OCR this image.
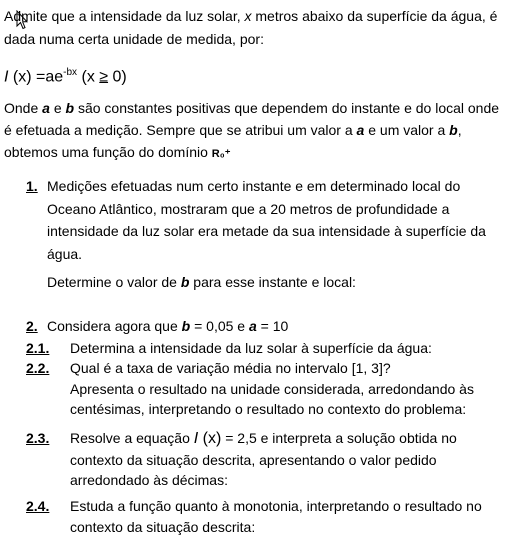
Admite que a intensidade da luz solar, x metros abaixo da superfície da água, é
dada numa certa unidade de medida, por:
I $(x) =ae^{-bx}$ (x ≥ 0)
Onde a e b são constantes positivas que dependem do instante e do local onde
é efetuada a medição. Sempre que se atribui um valor a a e um valor a b,
obtemos uma função do domínio R₀⁺
1. Medições efetuadas num certo instante e em determinado local do
Oceano Atlântico, mostraram que a 20 metros de profundidade a
intensidade da luz solar era metade da sua intensidade à superfície da
água.
Determine o valor de b para esse instante e local:
2. Considera agora que b = 0,05 e a = 10
2.1. Determina a intensidade da luz solar à superfície da água:
2.2. Qual é a taxa de variação média no intervalo [1, 3]?
Apresenta o resultado na unidade considerada, arredondando às
centésimas, interpretando o resultado no contexto do problema:
2.3. Resolve a equação I (x) = 2,5 e interpreta a solução obtida no
contexto da situação descrita, apresentando o valor pedido
arredondado às décimas:
2.4. Estuda a função quanto à monotonia, interpretando o resultado no
contexto da situação descrita:
